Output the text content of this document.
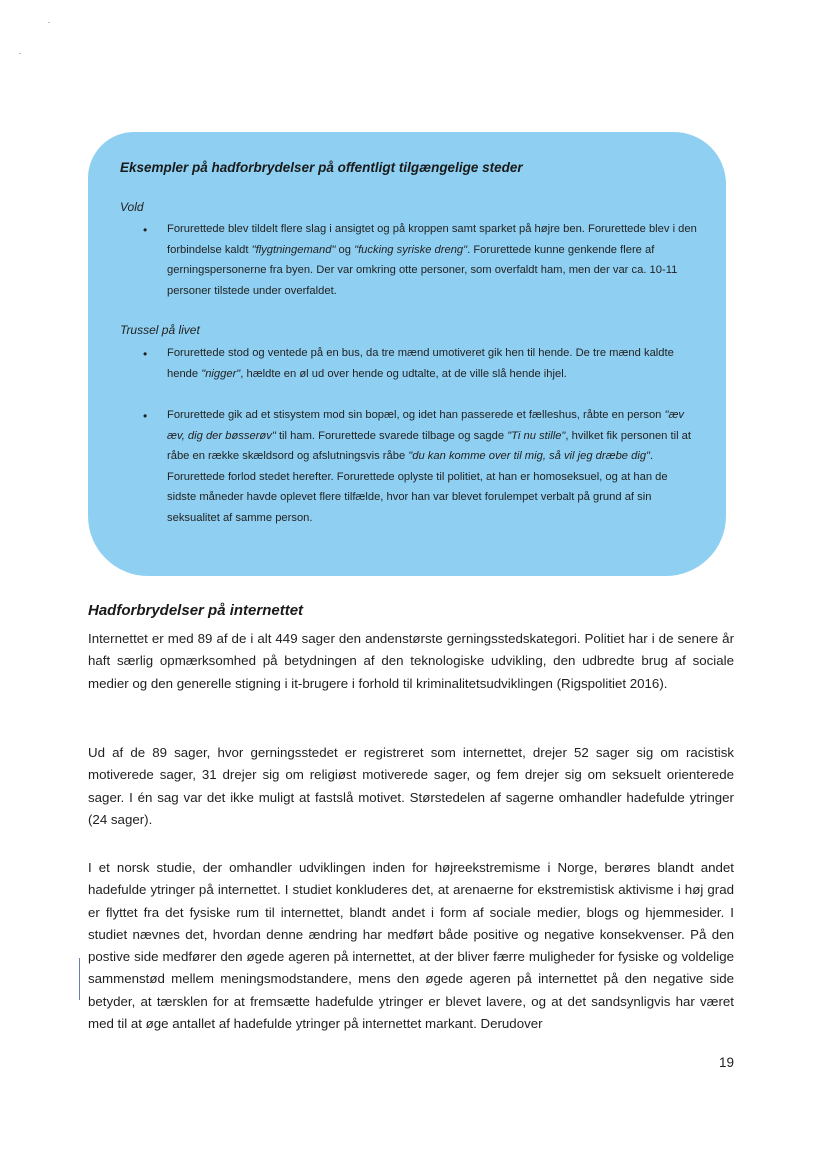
Eksempler på hadforbrydelser på offentligt tilgængelige steder
Vold
• Forurettede blev tildelt flere slag i ansigtet og på kroppen samt sparket på højre ben. Forurettede blev i den forbindelse kaldt "flygtningemand" og "fucking syriske dreng". Forurettede kunne genkende flere af gerningspersonerne fra byen. Der var omkring otte personer, som overfaldt ham, men der var ca. 10-11 personer tilstede under overfaldet.
Trussel på livet
• Forurettede stod og ventede på en bus, da tre mænd umotiveret gik hen til hende. De tre mænd kaldte hende "nigger", hældte en øl ud over hende og udtalte, at de ville slå hende ihjel.
• Forurettede gik ad et stisystem mod sin bopæl, og idet han passerede et fælleshus, råbte en person "æv æv, dig der bøsserøv" til ham. Forurettede svarede tilbage og sagde "Ti nu stille", hvilket fik personen til at råbe en række skældsord og afslutningsvis råbe "du kan komme over til mig, så vil jeg dræbe dig". Forurettede forlod stedet herefter. Forurettede oplyste til politiet, at han er homoseksuel, og at han de sidste måneder havde oplevet flere tilfælde, hvor han var blevet forulempet verbalt på grund af sin seksualitet af samme person.
Hadforbrydelser på internettet
Internettet er med 89 af de i alt 449 sager den andenstørste gerningsstedskategori. Politiet har i de senere år haft særlig opmærksomhed på betydningen af den teknologiske udvikling, den udbredte brug af sociale medier og den generelle stigning i it-brugere i forhold til kriminalitetsudviklingen (Rigspolitiet 2016).
Ud af de 89 sager, hvor gerningsstedet er registreret som internettet, drejer 52 sager sig om racistisk motiverede sager, 31 drejer sig om religiøst motiverede sager, og fem drejer sig om seksuelt orienterede sager. I én sag var det ikke muligt at fastslå motivet. Størstedelen af sagerne omhandler hadefulde ytringer (24 sager).
I et norsk studie, der omhandler udviklingen inden for højreekstremisme i Norge, berøres blandt andet hadefulde ytringer på internettet. I studiet konkluderes det, at arenaerne for ekstremistisk aktivisme i høj grad er flyttet fra det fysiske rum til internettet, blandt andet i form af sociale medier, blogs og hjemmesider. I studiet nævnes det, hvordan denne ændring har medført både positive og negative konsekvenser. På den postive side medfører den øgede ageren på internettet, at der bliver færre muligheder for fysiske og voldelige sammenstød mellem meningsmodstandere, mens den øgede ageren på internettet på den negative side betyder, at tærsklen for at fremsætte hadefulde ytringer er blevet lavere, og at det sandsynligvis har været med til at øge antallet af hadefulde ytringer på internettet markant. Derudover
19
